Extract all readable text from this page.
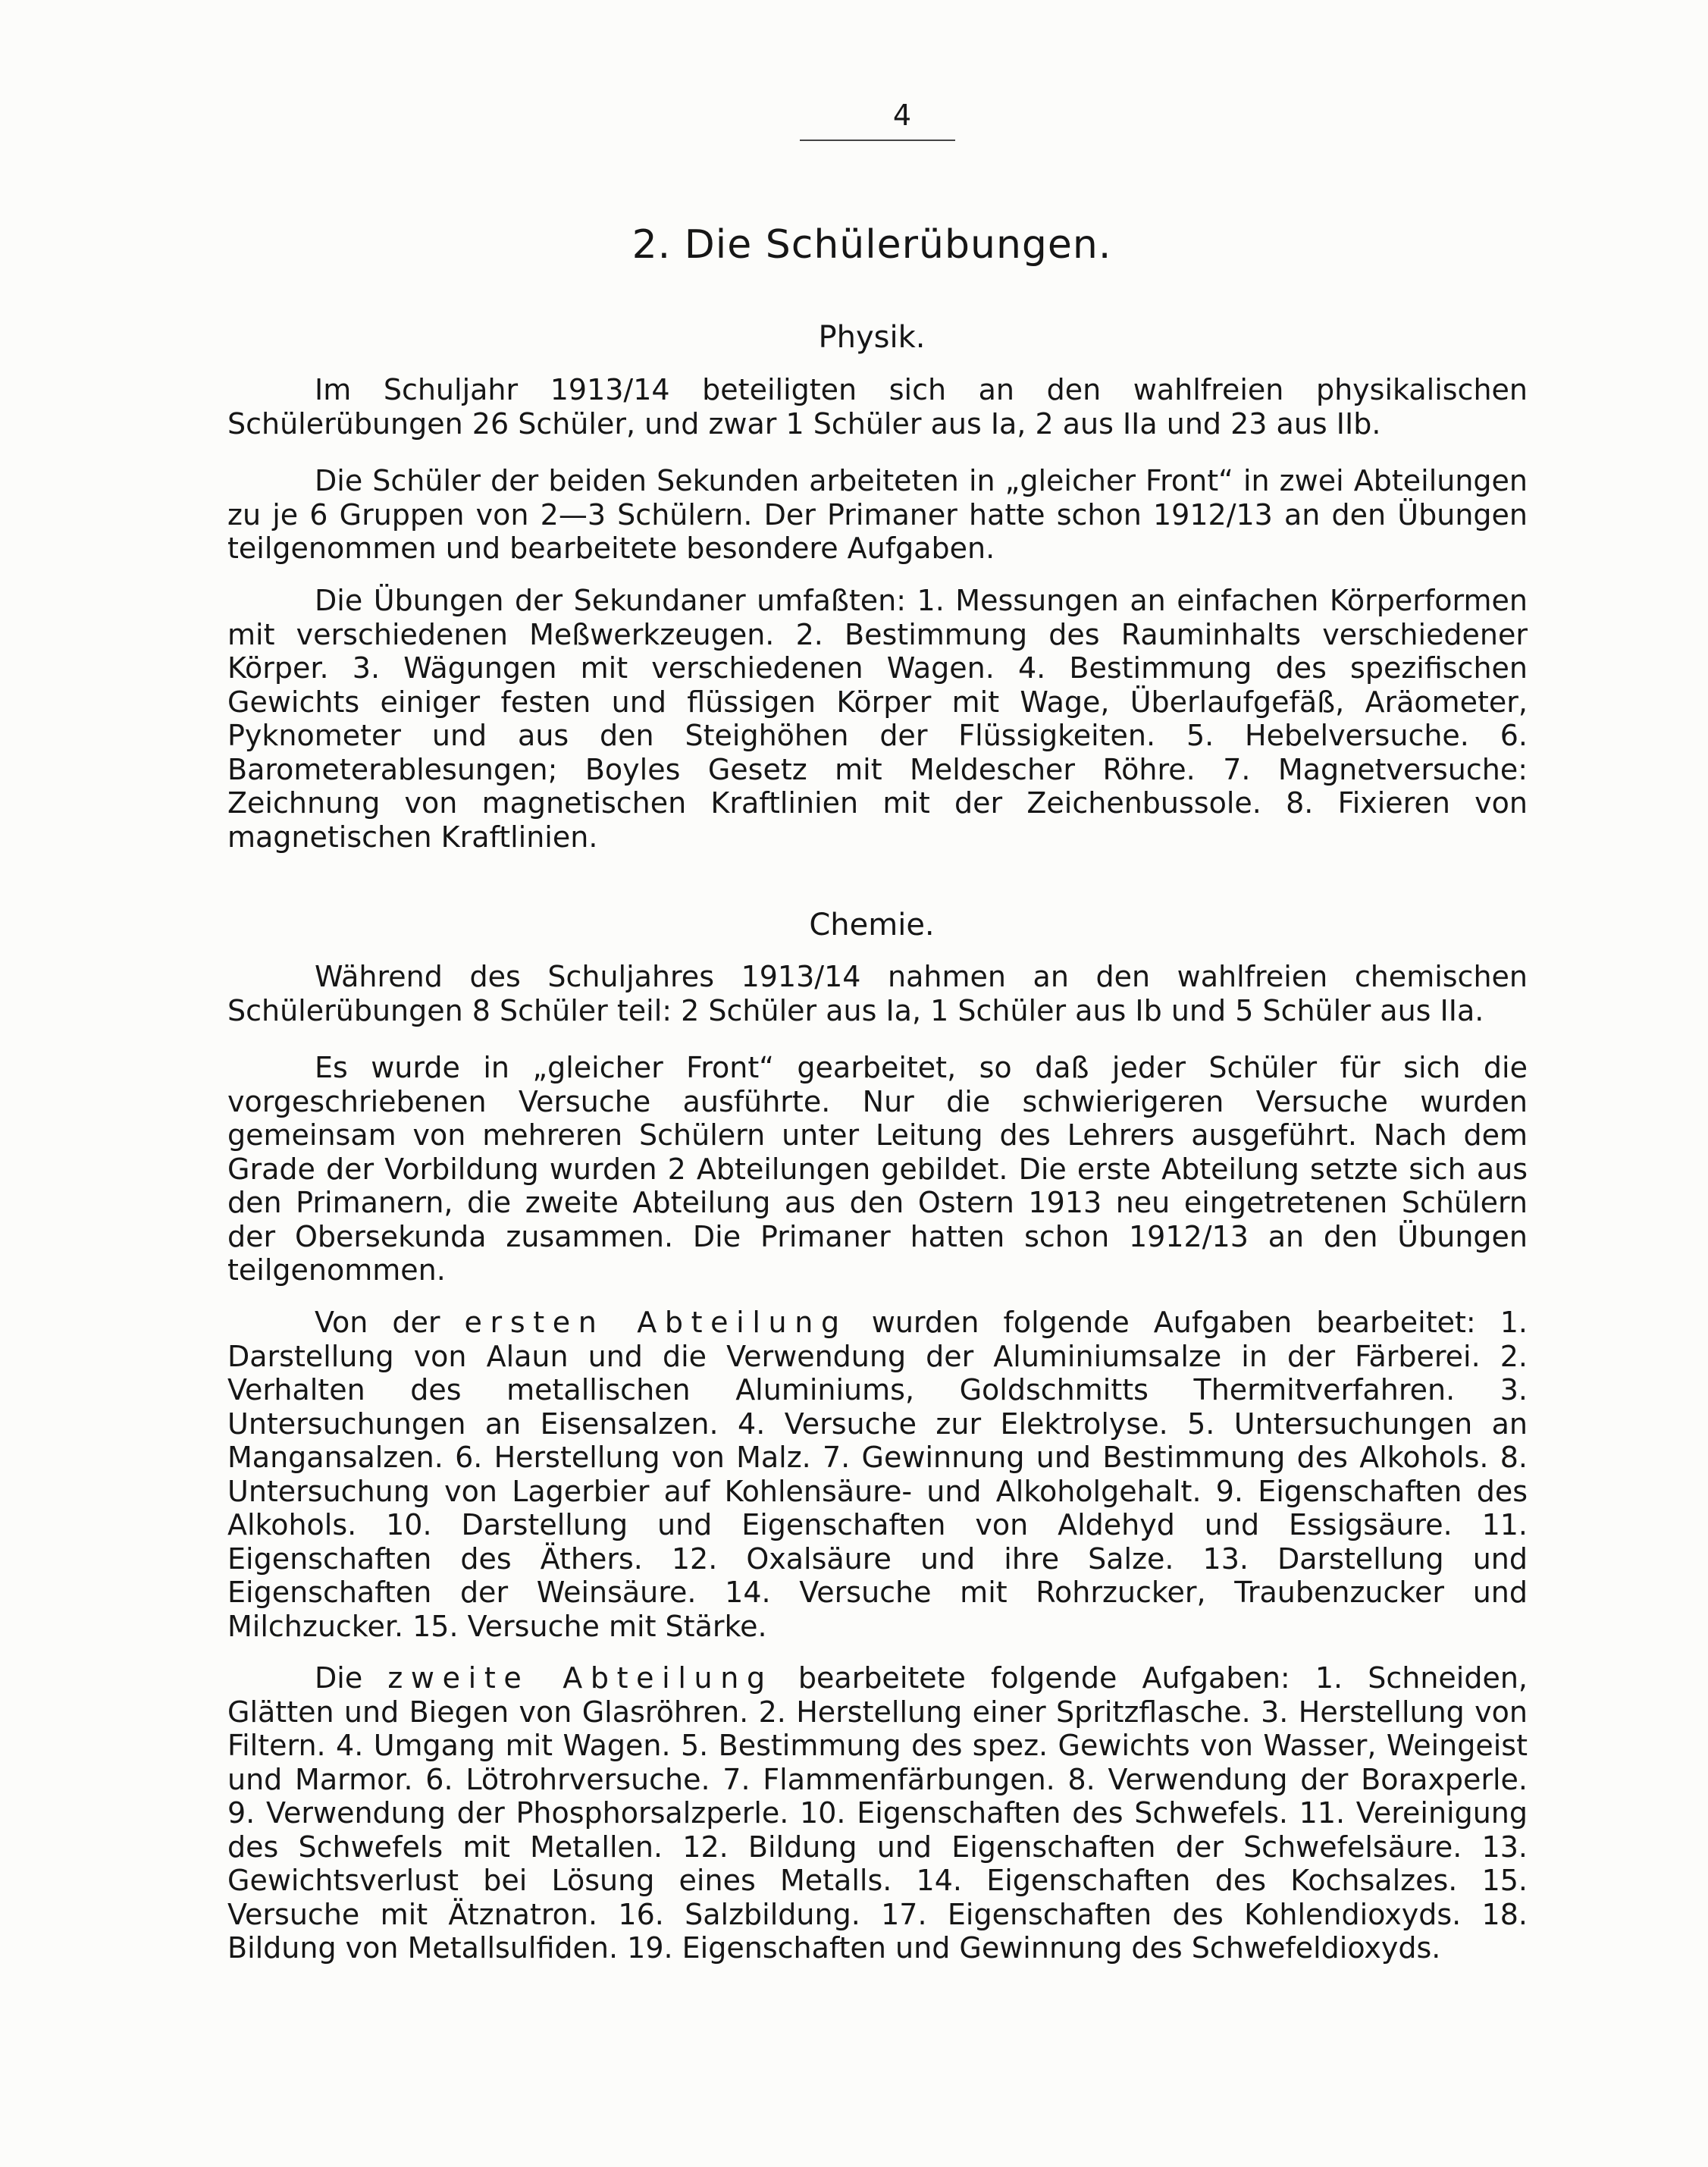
4
2. Die Schülerübungen.
Physik.

Im Schuljahr 1913/14 beteiligten sich an den wahlfreien physikalischen Schülerübungen 26 Schüler, und zwar 1 Schüler aus Ia, 2 aus IIa und 23 aus IIb.

Die Schüler der beiden Sekunden arbeiteten in „gleicher Front“ in zwei Abteilungen zu je 6 Gruppen von 2—3 Schülern. Der Primaner hatte schon 1912/13 an den Übungen teilgenommen und bearbeitete besondere Aufgaben.

Die Übungen der Sekundaner umfaßten: 1. Messungen an einfachen Körperformen mit verschiedenen Meßwerkzeugen. 2. Bestimmung des Rauminhalts verschiedener Körper. 3. Wägungen mit verschiedenen Wagen. 4. Bestimmung des spezifischen Gewichts einiger festen und flüssigen Körper mit Wage, Überlaufgefäß, Aräometer, Pyknometer und aus den Steighöhen der Flüssigkeiten. 5. Hebelversuche. 6. Barometerablesungen; Boyles Gesetz mit Meldescher Röhre. 7. Magnetversuche: Zeichnung von magnetischen Kraftlinien mit der Zeichenbussole. 8. Fixieren von magnetischen Kraftlinien.

Chemie.

Während des Schuljahres 1913/14 nahmen an den wahlfreien chemischen Schülerübungen 8 Schüler teil: 2 Schüler aus Ia, 1 Schüler aus Ib und 5 Schüler aus IIa.

Es wurde in „gleicher Front“ gearbeitet, so daß jeder Schüler für sich die vorgeschriebenen Versuche ausführte. Nur die schwierigeren Versuche wurden gemeinsam von mehreren Schülern unter Leitung des Lehrers ausgeführt. Nach dem Grade der Vorbildung wurden 2 Abteilungen gebildet. Die erste Abteilung setzte sich aus den Primanern, die zweite Abteilung aus den Ostern 1913 neu eingetretenen Schülern der Obersekunda zusammen. Die Primaner hatten schon 1912/13 an den Übungen teilgenommen.

Von der ersten Abteilung wurden folgende Aufgaben bearbeitet: 1. Darstellung von Alaun und die Verwendung der Aluminiumsalze in der Färberei. 2. Verhalten des metallischen Aluminiums, Goldschmitts Thermitverfahren. 3. Untersuchungen an Eisensalzen. 4. Versuche zur Elektrolyse. 5. Untersuchungen an Mangansalzen. 6. Herstellung von Malz. 7. Gewinnung und Bestimmung des Alkohols. 8. Untersuchung von Lagerbier auf Kohlensäure- und Alkoholgehalt. 9. Eigenschaften des Alkohols. 10. Darstellung und Eigenschaften von Aldehyd und Essigsäure. 11. Eigenschaften des Äthers. 12. Oxalsäure und ihre Salze. 13. Darstellung und Eigenschaften der Weinsäure. 14. Versuche mit Rohrzucker, Traubenzucker und Milchzucker. 15. Versuche mit Stärke.

Die zweite Abteilung bearbeitete folgende Aufgaben: 1. Schneiden, Glätten und Biegen von Glasröhren. 2. Herstellung einer Spritzflasche. 3. Herstellung von Filtern. 4. Umgang mit Wagen. 5. Bestimmung des spez. Gewichts von Wasser, Weingeist und Marmor. 6. Lötrohrversuche. 7. Flammenfärbungen. 8. Verwendung der Boraxperle. 9. Verwendung der Phosphorsalzperle. 10. Eigenschaften des Schwefels. 11. Vereinigung des Schwefels mit Metallen. 12. Bildung und Eigenschaften der Schwefelsäure. 13. Gewichtsverlust bei Lösung eines Metalls. 14. Eigenschaften des Kochsalzes. 15. Versuche mit Ätznatron. 16. Salzbildung. 17. Eigenschaften des Kohlendioxyds. 18. Bildung von Metallsulfiden. 19. Eigenschaften und Gewinnung des Schwefeldioxyds.
